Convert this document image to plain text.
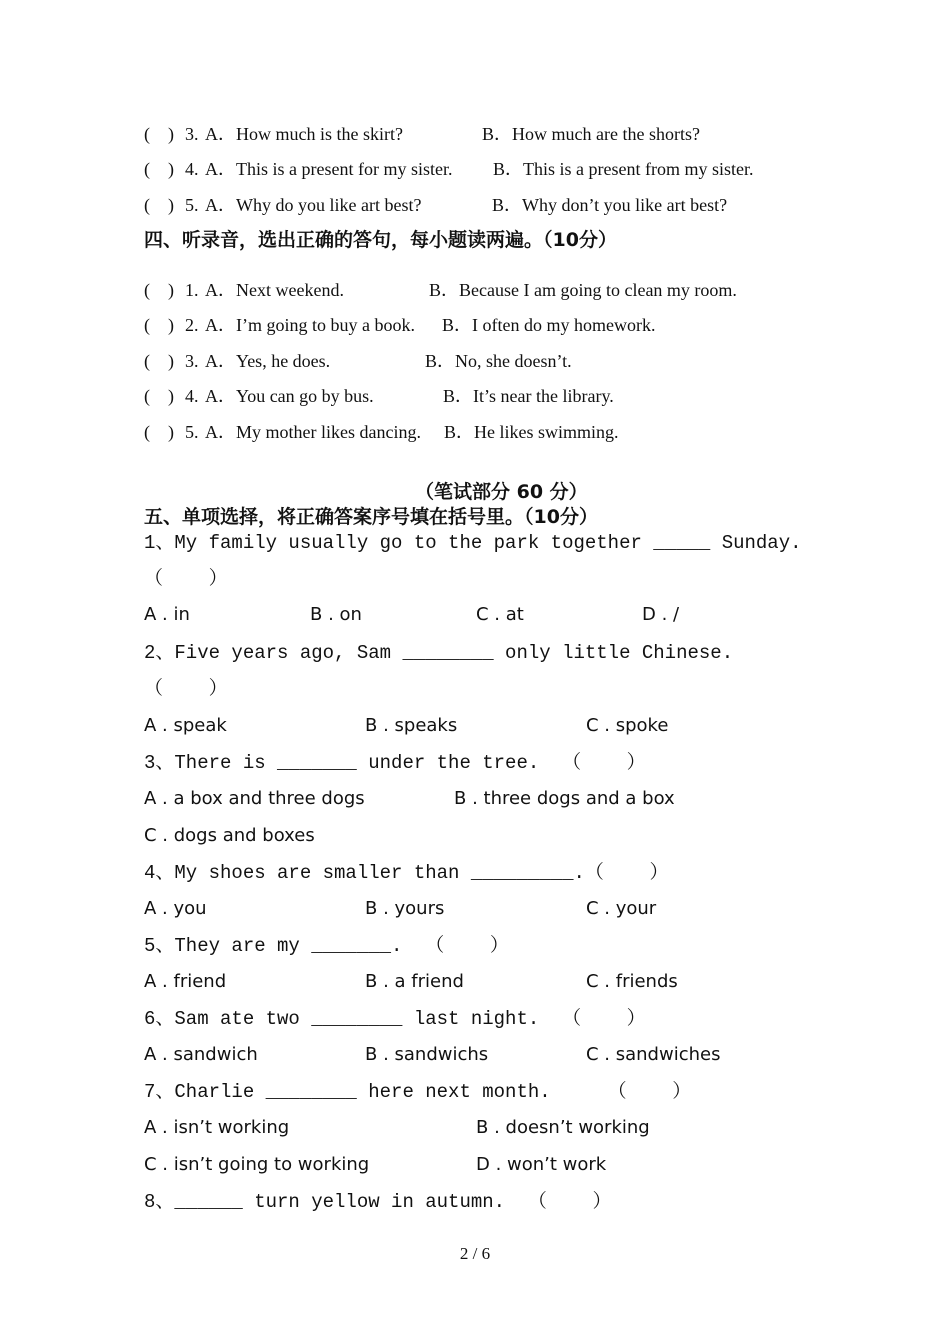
(    ) 3. A．How much is the skirt?	B．How much are the shorts?
(    ) 4. A．This is a present for my sister. B．This is a present from my sister.
(    ) 5. A．Why do you like art best?	B．Why don’t you like art best?
四、听录音，选出正确的答句，每小题读两遍。（10分）
(    ) 1. A．Next weekend.	B．Because I am going to clean my room.
(    ) 2. A．I’m going to buy a book. B．I often do my homework.
(    ) 3. A．Yes, he does.	B．No, she doesn’t.
(    ) 4. A．You can go by bus.	B．It’s near the library.
(    ) 5. A．My mother likes dancing. B．He likes swimming.
（笔试部分 60 分）
五、单项选择，将正确答案序号填在括号里。（10分）
1、My family usually go to the park together _____ Sunday.
（    ）
A . in	B . on	C . at	D . /
2、Five years ago, Sam ________ only little Chinese.
（    ）
A . speak	B . speaks	C . spoke
3、There is _______ under the tree.  （    ）
A . a box and three dogs	B . three dogs and a box
C . dogs and boxes
4、My shoes are smaller than _________.（    ）
A . you	B . yours	C . your
5、They are my _______.  （    ）
A . friend	B . a friend	C . friends
6、Sam ate two ________ last night.  （    ）
A . sandwich	B . sandwichs	C . sandwiches
7、Charlie ________ here next month.     （    ）
A . isn’t working	B . doesn’t working
C . isn’t going to working	D . won’t work
8、______ turn yellow in autumn.  （    ）
2 / 6
